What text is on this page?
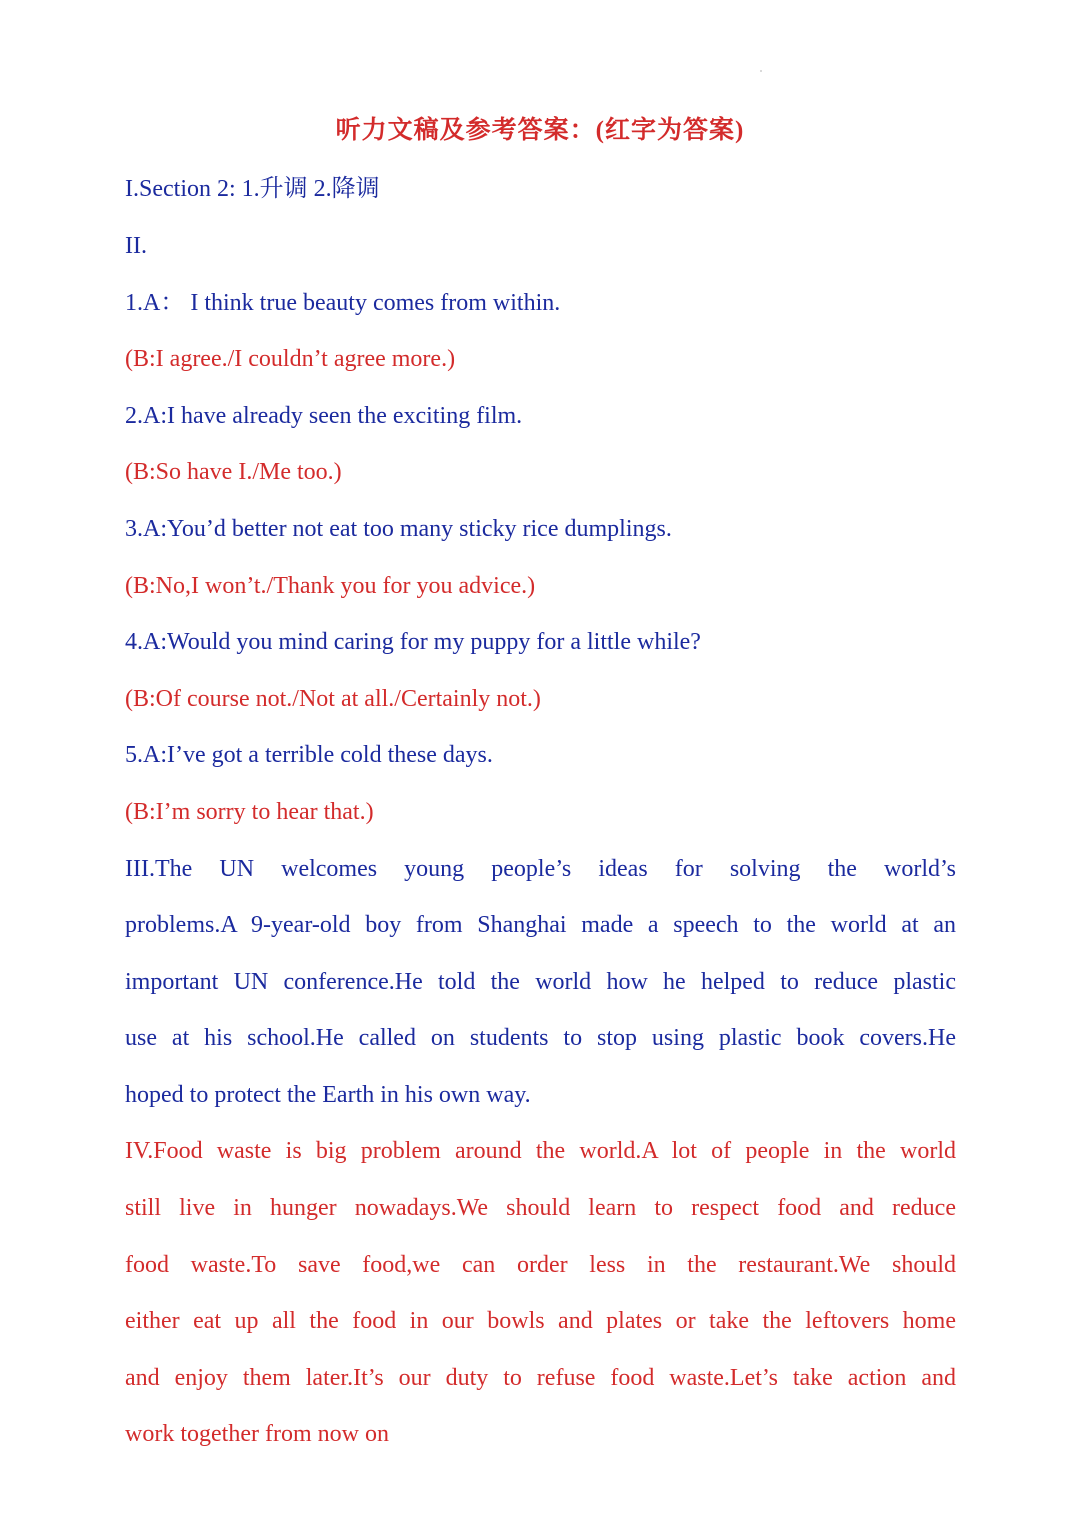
听力文稿及参考答案：(红字为答案)
I.Section 2: 1.升调 2.降调
II.
1.A： I think true beauty comes from within.
(B:I agree./I couldn’t agree more.)
2.A:I have already seen the exciting film.
(B:So have I./Me too.)
3.A:You’d better not eat too many sticky rice dumplings.
(B:No,I won’t./Thank you for you advice.)
4.A:Would you mind caring for my puppy for a little while?
(B:Of course not./Not at all./Certainly not.)
5.A:I’ve got a terrible cold these days.
(B:I’m sorry to hear that.)
III.The UN welcomes young people’s ideas for solving the world’s
problems.A 9-year-old boy from Shanghai made a speech to the world at an
important UN conference.He told the world how he helped to reduce plastic
use at his school.He called on students to stop using plastic book covers.He
hoped to protect the Earth in his own way.
IV.Food waste is big problem around the world.A lot of people in the world
still live in hunger nowadays.We should learn to respect food and reduce
food waste.To save food,we can order less in the restaurant.We should
either eat up all the food in our bowls and plates or take the leftovers home
and enjoy them later.It’s our duty to refuse food waste.Let’s take action and
work together from now on
